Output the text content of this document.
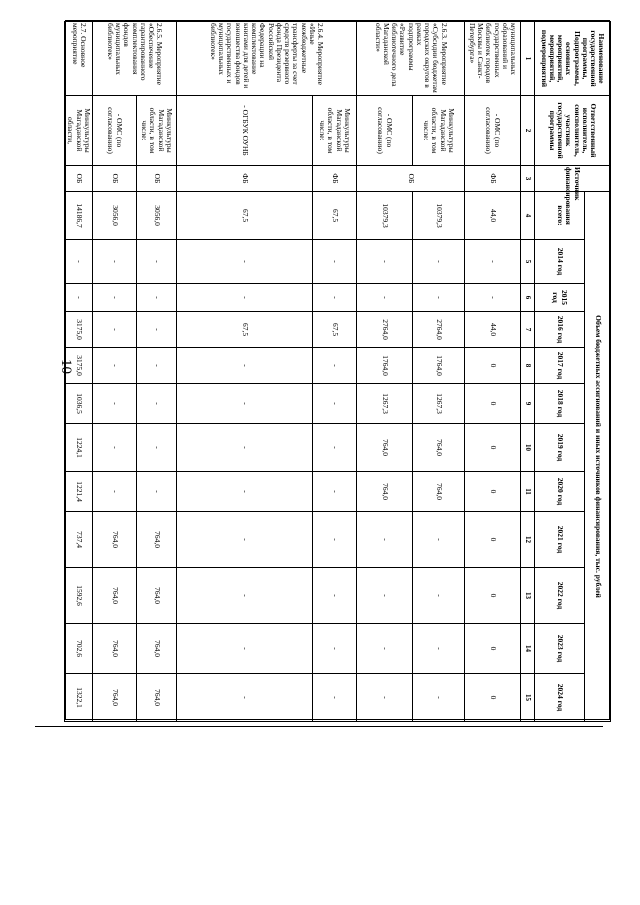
10
Наименование государственной программы, Подпрограммы, основных мероприятий, мероприятий, подмероприятий	Ответственный исполнитель, соисполнитель, участник государственной программы	Источник финансирования	Объем бюджетных ассигнований и иных источников финансирования, тыс. рублей											
			всего:	2014 год	2015 год	2016 год	2017 год	2018 год	2019 год	2020 год	2021 год	2022 год	2023 год	2024 год
1	2	3	4	5	6	7	8	9	10	11	12	13	14	15
муниципальных образований и государственных библиотек городов Москвы и Санкт-Петербурга»	- ОМС (по согласованию)	ФБ	44,0	-	-	44,0	0	0	0	0	0	0	0	0
2.6.3. Мероприятие «Субсидии бюджетам городских округов в рамках подпрограммы «Развитие библиотечного дела Магаданской области»	Минкультуры Магаданской области, в том числе:	ОБ	10379,3	-	-	2764,0	1764,0	1267,3	764,0	764,0	-	-	-	-
	- ОМС (по согласованию)		10379,3	-	-	2764,0	1764,0	1267,3	764,0	764,0	-	-	-	-
2.6.4. Мероприятие «Иные межбюджетные трансферты за счет средств резервного фонда Президента Российской Федерации на комплектование книгами для детей и юношества фондов государственных и муниципальных библиотек»	Минкультуры Магаданской области, в том числе:	ФБ	67,5	-	-	67,5	-	-	-	-	-	-	-	-
	- ОГБУК ОУНБ	ФБ	67,5	-	-	67,5	-	-	-	-	-	-	-	-
2.6.5. Мероприятие «Обеспечение гарантированного комплектования фондов муниципальных библиотек»	Минкультуры Магаданской области, в том числе:	ОБ	3056,0	-	-	-	-	-	-	-	764,0	764,0	764,0	764,0
	- ОМС (по согласованию)	ОБ	3056,0	-	-	-	-	-	-	-	764,0	764,0	764,0	764,0
2.7. Основное мероприятие	Минкультуры Магаданской области,	ОБ	14186,7	-	-	3175,0	3175,0	1036,5	1224,1	1221,4	737,4	1592,6	702,6	1322,1
